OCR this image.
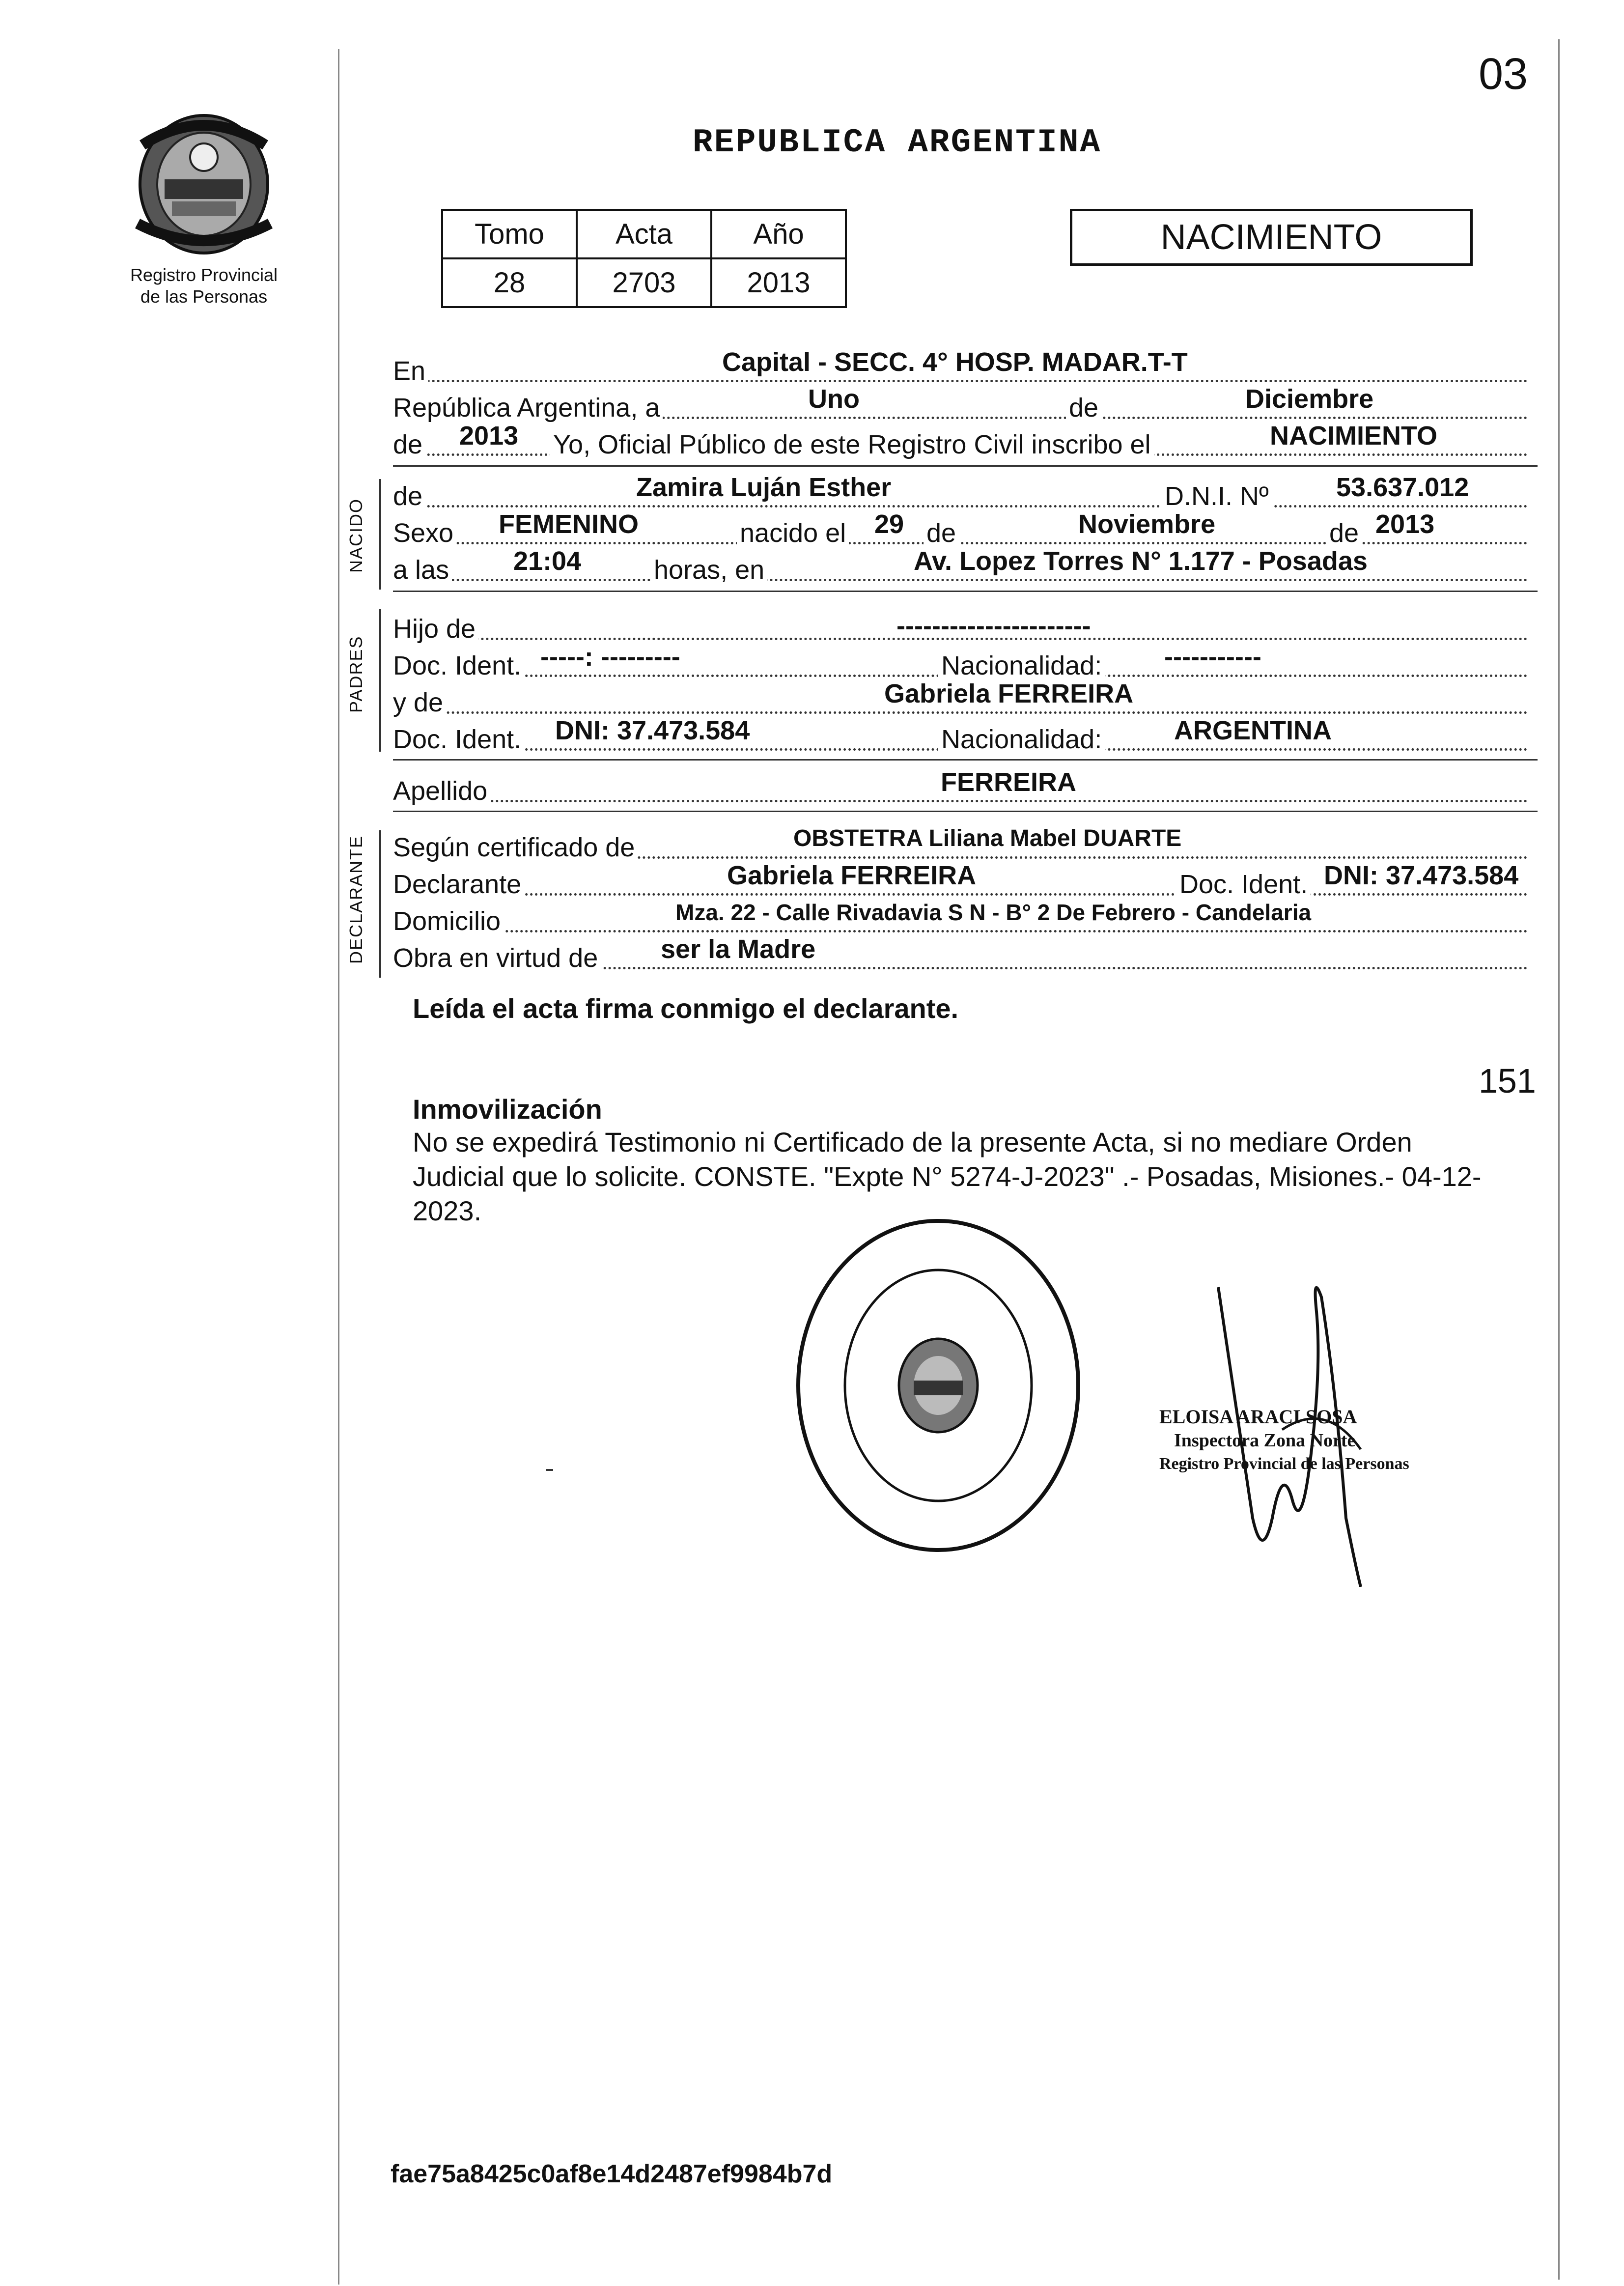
03
Registro Provincial
de las Personas
REPUBLICA ARGENTINA
Tomo	Acta	Año
28	2703	2013
NACIMIENTO
En	Capital - SECC. 4° HOSP. MADAR.T-T
República Argentina, a	Uno	de	Diciembre
de 2013 Yo, Oficial Público de este Registro Civil inscribo el	NACIMIENTO
NACIDO
de	Zamira Luján Esther	D.N.I. Nº	53.637.012
Sexo FEMENINO	nacido el 29 de	Noviembre	de 2013
a las 21:04	horas, en	Av. Lopez Torres N° 1.177 - Posadas
PADRES
Hijo de	----------------------
Doc. Ident. -----: ---------	Nacionalidad: -----------
y de	Gabriela FERREIRA
Doc. Ident. DNI: 37.473.584	Nacionalidad:	ARGENTINA
Apellido	FERREIRA
DECLARANTE Según certificado de	OBSTETRA Liliana Mabel DUARTE
Declarante	Gabriela FERREIRA	Doc. Ident. DNI: 37.473.584
Domicilio	Mza. 22 - Calle Rivadavia S N - B° 2 De Febrero - Candelaria
Obra en virtud de ser la Madre
Leída el acta firma conmigo el declarante.
151
Inmovilización
No se expedirá Testimonio ni Certificado de la presente Acta, si no mediare Orden
Judicial que lo solicite. CONSTE. "Expte N° 5274-J-2023" .- Posadas, Misiones.- 04-12-
2023.
ELOISA ARACI SOSA
Inspectora Zona Norte
Registro Provincial de las Personas
fae75a8425c0af8e14d2487ef9984b7d
